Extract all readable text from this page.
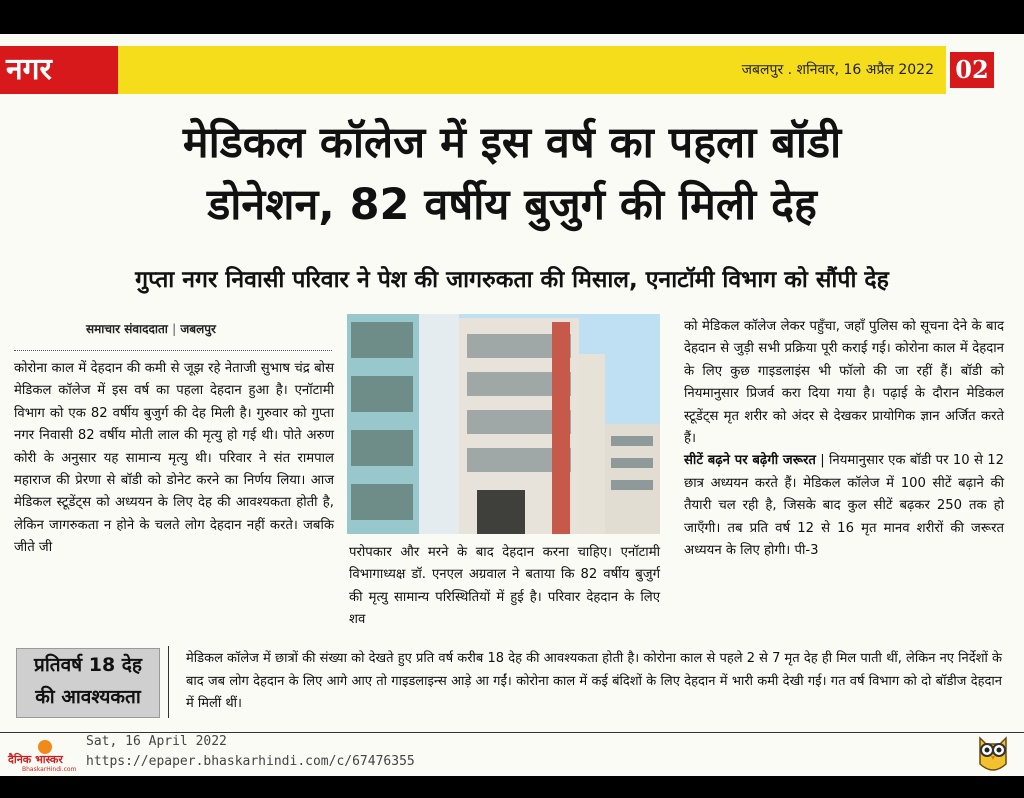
नगर	जबलपुर . शनिवार, 16 अप्रैल 2022 02
मेडिकल कॉलेज में इस वर्ष का पहला बॉडी
डोनेशन, 82 वर्षीय बुजुर्ग की मिली देह
गुप्ता नगर निवासी परिवार ने पेश की जागरुकता की मिसाल, एनाटॉमी विभाग को सौंपी देह
समाचार संवाददाता | जबलपुर

कोरोना काल में देहदान की कमी से जूझ रहे नेताजी सुभाष चंद्र बोस मेडिकल कॉलेज में इस वर्ष का पहला देहदान हुआ है। एनॉटामी विभाग को एक 82 वर्षीय बुजुर्ग की देह मिली है। गुरुवार को गुप्ता नगर निवासी 82 वर्षीय मोती लाल की मृत्यु हो गई थी। पोते अरुण कोरी के अनुसार यह सामान्य मृत्यु थी। परिवार ने संत रामपाल महाराज की प्रेरणा से बॉडी को डोनेट करने का निर्णय लिया। आज मेडिकल स्टूडेंट्स को अध्ययन के लिए देह की आवश्यकता होती है, लेकिन जागरुकता न होने के चलते लोग देहदान नहीं करते। जबकि जीते जी	परोपकार और मरने के बाद देहदान करना चाहिए। एनॉटामी विभागाध्यक्ष डॉ. एनएल अग्रवाल ने बताया कि 82 वर्षीय बुजुर्ग की मृत्यु सामान्य परिस्थितियों में हुई है। परिवार देहदान के लिए शव

को मेडिकल कॉलेज लेकर पहुँचा, जहाँ पुलिस को सूचना देने के बाद देहदान से जुड़ी सभी प्रक्रिया पूरी कराई गई। कोरोना काल में देहदान के लिए कुछ गाइडलाइंस भी फॉलो की जा रहीं हैं। बॉडी को नियमानुसार प्रिजर्व करा दिया गया है। पढ़ाई के दौरान मेडिकल स्टूडेंट्स मृत शरीर को अंदर से देखकर प्रायोगिक ज्ञान अर्जित करते हैं।

सीटें बढ़ने पर बढ़ेगी जरूरत | नियमानुसार एक बॉडी पर 10 से 12 छात्र अध्ययन करते हैं। मेडिकल कॉलेज में 100 सीटें बढ़ाने की तैयारी चल रही है, जिसके बाद कुल सीटें बढ़कर 250 तक हो जाएँगी। तब प्रति वर्ष 12 से 16 मृत मानव शरीरों की जरूरत अध्ययन के लिए होगी। पी-3

प्रतिवर्ष 18 देह
की आवश्यकता

मेडिकल कॉलेज में छात्रों की संख्या को देखते हुए प्रति वर्ष करीब 18 देह की आवश्यकता होती है। कोरोना काल से पहले 2 से 7 मृत देह ही मिल पाती थीं, लेकिन नए निर्देशों के बाद जब लोग देहदान के लिए आगे आए तो गाइडलाइन्स आड़े आ गईं। कोरोना काल में कई बंदिशों के लिए देहदान में भारी कमी देखी गई। गत वर्ष विभाग को दो बॉडीज देहदान में मिलीं थीं।

दैनिक भास्कर
BhaskarHindi.com
Sat, 16 April 2022
https://epaper.bhaskarhindi.com/c/67476355
